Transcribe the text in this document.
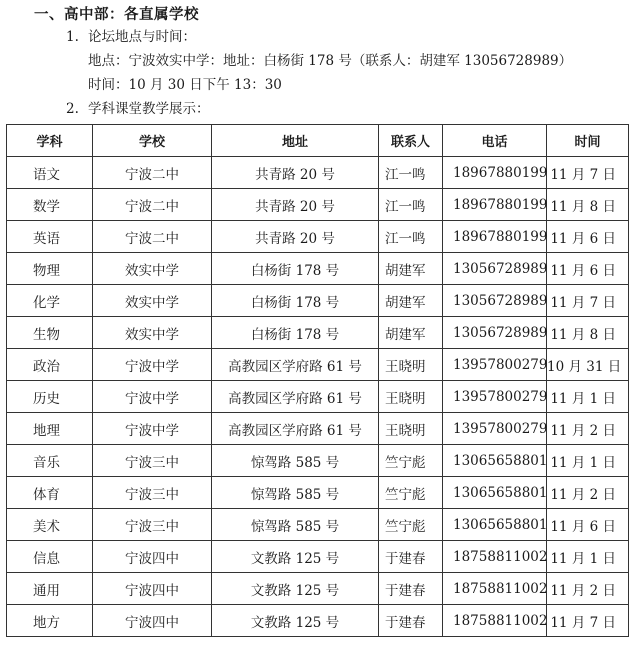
一、高中部：各直属学校
1. 论坛地点与时间：
地点：宁波效实中学：地址：白杨街 178 号（联系人：胡建军 13056728989）
时间：10 月 30 日下午 13：30
2. 学科课堂教学展示：
学科	学校	地址	联系人	电话	时间
语文	宁波二中	共青路 20 号	江一鸣	18967880199	11 月 7 日
数学	宁波二中	共青路 20 号	江一鸣	18967880199	11 月 8 日
英语	宁波二中	共青路 20 号	江一鸣	18967880199	11 月 6 日
物理	效实中学	白杨街 178 号	胡建军	13056728989	11 月 6 日
化学	效实中学	白杨街 178 号	胡建军	13056728989	11 月 7 日
生物	效实中学	白杨街 178 号	胡建军	13056728989	11 月 8 日
政治	宁波中学	高教园区学府路 61 号	王晓明	13957800279	10 月 31 日
历史	宁波中学	高教园区学府路 61 号	王晓明	13957800279	11 月 1 日
地理	宁波中学	高教园区学府路 61 号	王晓明	13957800279	11 月 2 日
音乐	宁波三中	惊驾路 585 号	竺宁彪	13065658801	11 月 1 日
体育	宁波三中	惊驾路 585 号	竺宁彪	13065658801	11 月 2 日
美术	宁波三中	惊驾路 585 号	竺宁彪	13065658801	11 月 6 日
信息	宁波四中	文教路 125 号	于建春	18758811002	11 月 1 日
通用	宁波四中	文教路 125 号	于建春	18758811002	11 月 2 日
地方	宁波四中	文教路 125 号	于建春	18758811002	11 月 7 日
